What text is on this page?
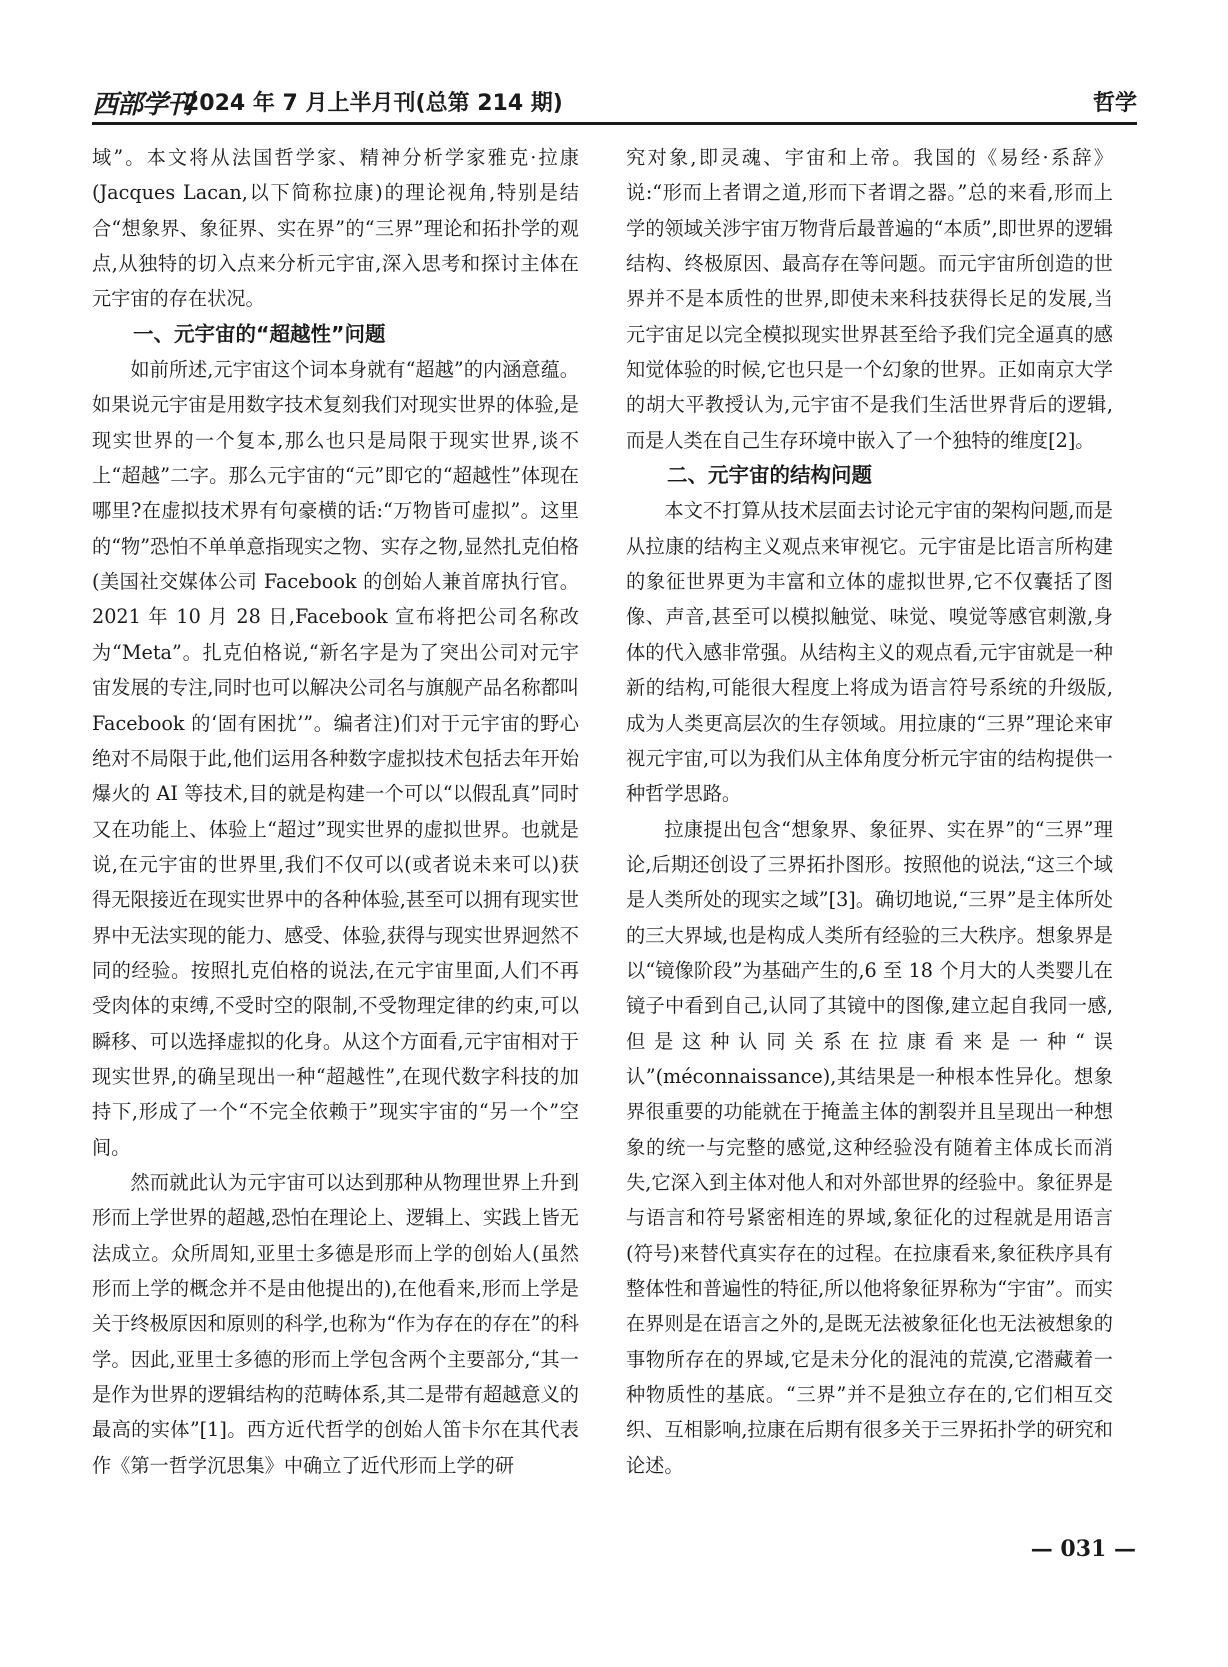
西部学刊
2024 年 7 月上半月刊(总第 214 期)	哲学

域”。本文将从法国哲学家、精神分析学家雅克·拉康(Jacques Lacan,以下简称拉康)的理论视角,特别是结合“想象界、象征界、实在界”的“三界”理论和拓扑学的观点,从独特的切入点来分析元宇宙,深入思考和探讨主体在元宇宙的存在状况。

一、元宇宙的“超越性”问题

如前所述,元宇宙这个词本身就有“超越”的内涵意蕴。如果说元宇宙是用数字技术复刻我们对现实世界的体验,是现实世界的一个复本,那么也只是局限于现实世界,谈不上“超越”二字。那么元宇宙的“元”即它的“超越性”体现在哪里?在虚拟技术界有句豪横的话:“万物皆可虚拟”。这里的“物”恐怕不单单意指现实之物、实存之物,显然扎克伯格(美国社交媒体公司 Facebook 的创始人兼首席执行官。2021 年 10 月 28 日,Facebook 宣布将把公司名称改为“Meta”。扎克伯格说,“新名字是为了突出公司对元宇宙发展的专注,同时也可以解决公司名与旗舰产品名称都叫 Facebook 的‘固有困扰’”。编者注)们对于元宇宙的野心绝对不局限于此,他们运用各种数字虚拟技术包括去年开始爆火的 AI 等技术,目的就是构建一个可以“以假乱真”同时又在功能上、体验上“超过”现实世界的虚拟世界。也就是说,在元宇宙的世界里,我们不仅可以(或者说未来可以)获得无限接近在现实世界中的各种体验,甚至可以拥有现实世界中无法实现的能力、感受、体验,获得与现实世界迥然不同的经验。按照扎克伯格的说法,在元宇宙里面,人们不再受肉体的束缚,不受时空的限制,不受物理定律的约束,可以瞬移、可以选择虚拟的化身。从这个方面看,元宇宙相对于现实世界,的确呈现出一种“超越性”,在现代数字科技的加持下,形成了一个“不完全依赖于”现实宇宙的“另一个”空间。

然而就此认为元宇宙可以达到那种从物理世界上升到形而上学世界的超越,恐怕在理论上、逻辑上、实践上皆无法成立。众所周知,亚里士多德是形而上学的创始人(虽然形而上学的概念并不是由他提出的),在他看来,形而上学是关于终极原因和原则的科学,也称为“作为存在的存在”的科学。因此,亚里士多德的形而上学包含两个主要部分,“其一是作为世界的逻辑结构的范畴体系,其二是带有超越意义的最高的实体”[1]。西方近代哲学的创始人笛卡尔在其代表作《第一哲学沉思集》中确立了近代形而上学的研

究对象,即灵魂、宇宙和上帝。我国的《易经·系辞》说:“形而上者谓之道,形而下者谓之器。”总的来看,形而上学的领域关涉宇宙万物背后最普遍的“本质”,即世界的逻辑结构、终极原因、最高存在等问题。而元宇宙所创造的世界并不是本质性的世界,即使未来科技获得长足的发展,当元宇宙足以完全模拟现实世界甚至给予我们完全逼真的感知觉体验的时候,它也只是一个幻象的世界。正如南京大学的胡大平教授认为,元宇宙不是我们生活世界背后的逻辑,而是人类在自己生存环境中嵌入了一个独特的维度[2]。

二、元宇宙的结构问题

本文不打算从技术层面去讨论元宇宙的架构问题,而是从拉康的结构主义观点来审视它。元宇宙是比语言所构建的象征世界更为丰富和立体的虚拟世界,它不仅囊括了图像、声音,甚至可以模拟触觉、味觉、嗅觉等感官刺激,身体的代入感非常强。从结构主义的观点看,元宇宙就是一种新的结构,可能很大程度上将成为语言符号系统的升级版,成为人类更高层次的生存领域。用拉康的“三界”理论来审视元宇宙,可以为我们从主体角度分析元宇宙的结构提供一种哲学思路。

拉康提出包含“想象界、象征界、实在界”的“三界”理论,后期还创设了三界拓扑图形。按照他的说法,“这三个域是人类所处的现实之域”[3]。确切地说,“三界”是主体所处的三大界域,也是构成人类所有经验的三大秩序。想象界是以“镜像阶段”为基础产生的,6 至 18 个月大的人类婴儿在镜子中看到自己,认同了其镜中的图像,建立起自我同一感,但是这种认同关系在拉康看来是一种“误认”(méconnaissance),其结果是一种根本性异化。想象界很重要的功能就在于掩盖主体的割裂并且呈现出一种想象的统一与完整的感觉,这种经验没有随着主体成长而消失,它深入到主体对他人和对外部世界的经验中。象征界是与语言和符号紧密相连的界域,象征化的过程就是用语言(符号)来替代真实存在的过程。在拉康看来,象征秩序具有整体性和普遍性的特征,所以他将象征界称为“宇宙”。而实在界则是在语言之外的,是既无法被象征化也无法被想象的事物所存在的界域,它是未分化的混沌的荒漠,它潜藏着一种物质性的基底。“三界”并不是独立存在的,它们相互交织、互相影响,拉康在后期有很多关于三界拓扑学的研究和论述。

— 031 —
